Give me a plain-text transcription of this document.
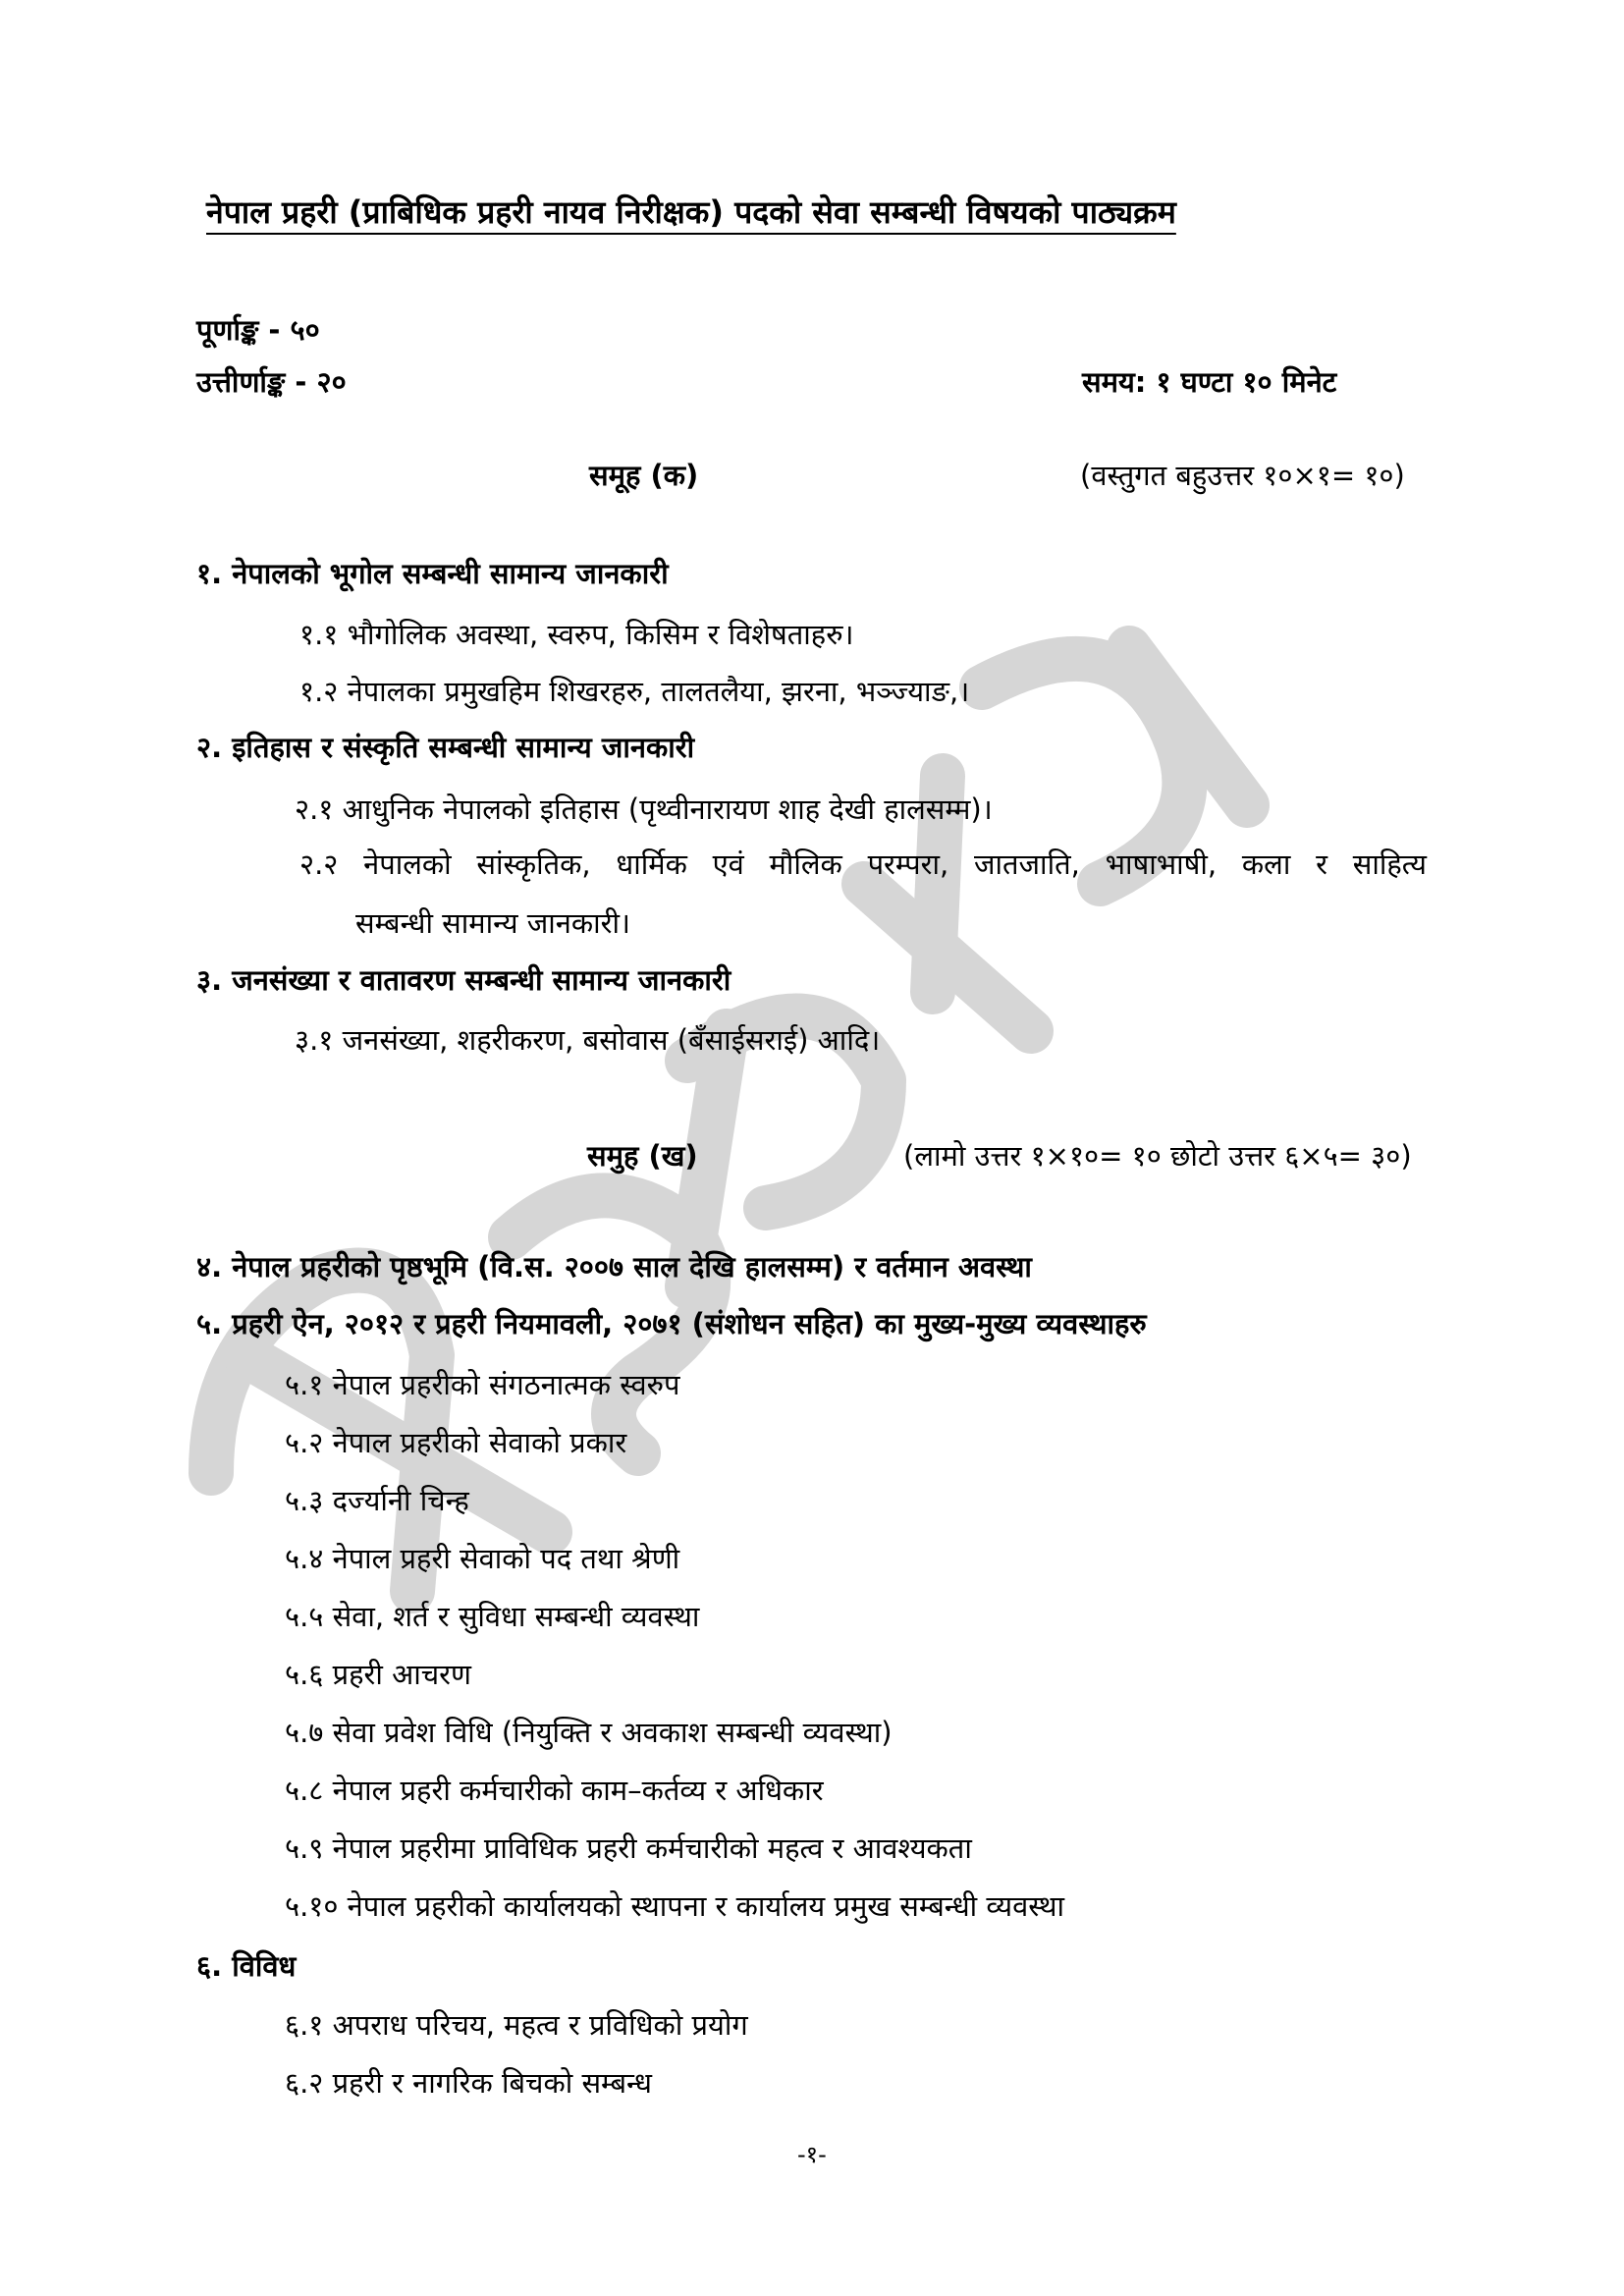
नेपाल प्रहरी (प्राबिधिक प्रहरी नायव निरीक्षक) पदको सेवा सम्बन्धी विषयको पाठ्यक्रम
पूर्णाङ्क - ५०
उत्तीर्णाङ्क - २०	समय: १ घण्टा १० मिनेट
समूह (क)	(वस्तुगत बहुउत्तर १०×१= १०)
१. नेपालको भूगोल सम्बन्धी सामान्य जानकारी
१.१ भौगोलिक अवस्था, स्वरुप, किसिम र विशेषताहरु।
१.२ नेपालका प्रमुखहिम शिखरहरु, तालतलैया, झरना, भञ्ज्याङ,।
२. इतिहास र संस्कृति सम्बन्धी सामान्य जानकारी
२.१ आधुनिक नेपालको इतिहास (पृथ्वीनारायण शाह देखी हालसम्म)।
२.२ नेपालको सांस्कृतिक, धार्मिक एवं मौलिक परम्परा, जातजाति, भाषाभाषी, कला र साहित्य
सम्बन्धी सामान्य जानकारी।
३. जनसंख्या र वातावरण सम्बन्धी सामान्य जानकारी
३.१ जनसंख्या, शहरीकरण, बसोवास (बँसाईसराई) आदि।
समुह (ख)	(लामो उत्तर १×१०= १० छोटो उत्तर ६×५= ३०)
४. नेपाल प्रहरीको पृष्ठभूमि (वि.स. २००७ साल देखि हालसम्म) र वर्तमान अवस्था
५. प्रहरी ऐन, २०१२ र प्रहरी नियमावली, २०७१ (संशोधन सहित) का मुख्य-मुख्य व्यवस्थाहरु
५.१ नेपाल प्रहरीको संगठनात्मक स्वरुप
५.२ नेपाल प्रहरीको सेवाको प्रकार
५.३ दर्ज्यानी चिन्ह
५.४ नेपाल प्रहरी सेवाको पद तथा श्रेणी
५.५ सेवा, शर्त र सुविधा सम्बन्धी व्यवस्था
५.६ प्रहरी आचरण
५.७ सेवा प्रवेश विधि (नियुक्ति र अवकाश सम्बन्धी व्यवस्था)
५.८ नेपाल प्रहरी कर्मचारीको काम–कर्तव्य र अधिकार
५.९ नेपाल प्रहरीमा प्राविधिक प्रहरी कर्मचारीको महत्व र आवश्यकता
५.१० नेपाल प्रहरीको कार्यालयको स्थापना र कार्यालय प्रमुख सम्बन्धी व्यवस्था
६. विविध
६.१ अपराध परिचय, महत्व र प्रविधिको प्रयोग
६.२ प्रहरी र नागरिक बिचको सम्बन्ध
-१-
